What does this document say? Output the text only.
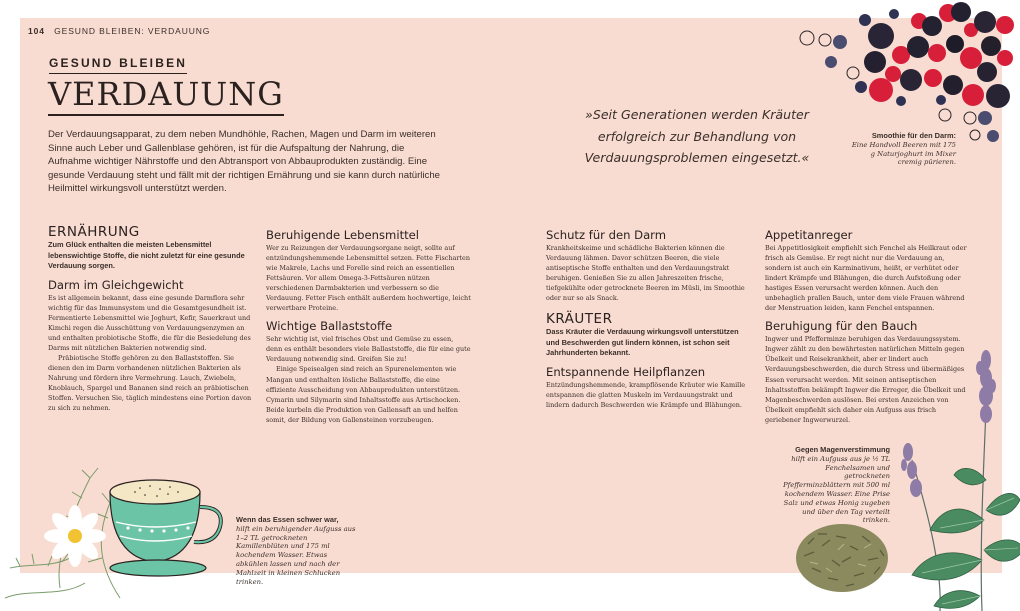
104 GESUND BLEIBEN: VERDAUUNG
GESUND BLEIBEN
VERDAUUNG
Der Verdauungsapparat, zu dem neben Mundhöhle, Rachen, Magen und Darm im weiteren Sinne auch Leber und Gallenblase gehören, ist für die Aufspaltung der Nahrung, die Aufnahme wichtiger Nährstoffe und den Abtransport von Abbauprodukten zuständig. Eine gesunde Verdauung steht und fällt mit der richtigen Ernährung und sie kann durch natürliche Heilmittel wirkungsvoll unterstützt werden.
»Seit Generationen werden Kräuter erfolgreich zur Behandlung von Verdauungsproblemen eingesetzt.«
Smoothie für den Darm:
Eine Handvoll Beeren mit 175 g Naturjoghurt im Mixer cremig pürieren.
ERNÄHRUNG
Zum Glück enthalten die meisten Lebensmittel lebenswichtige Stoffe, die nicht zuletzt für eine gesunde Verdauung sorgen.
Darm im Gleichgewicht

Es ist allgemein bekannt, dass eine gesunde Darmflora sehr wichtig für das Immunsystem und die Gesamtgesundheit ist. Fermentierte Lebensmittel wie Joghurt, Kefir, Sauerkraut und Kimchi regen die Ausschüttung von Verdauungsenzymen an und enthalten probiotische Stoffe, die für die Besiedelung des Darms mit nützlichen Bakterien notwendig sind.

Präbiotische Stoffe gehören zu den Ballaststoffen. Sie dienen den im Darm vorhandenen nützlichen Bakterien als Nahrung und fördern ihre Vermehrung. Lauch, Zwiebeln, Knoblauch, Spargel und Bananen sind reich an präbiotischen Stoffen. Versuchen Sie, täglich mindestens eine Portion davon zu sich zu nehmen.

Beruhigende Lebensmittel

Wer zu Reizungen der Verdauungsorgane neigt, sollte auf entzündungshemmende Lebensmittel setzen. Fette Fischarten wie Makrele, Lachs und Forelle sind reich an essentiellen Fettsäuren. Vor allem Omega-3-Fettsäuren nützen verschiedenen Darmbakterien und verbessern so die Verdauung. Fetter Fisch enthält außerdem hochwertige, leicht verwertbare Proteine.

Wichtige Ballaststoffe

Sehr wichtig ist, viel frisches Obst und Gemüse zu essen, denn es enthält besonders viele Ballaststoffe, die für eine gute Verdauung notwendig sind. Greifen Sie zu!

Einige Speisealgen sind reich an Spurenelementen wie Mangan und enthalten lösliche Ballaststoffe, die eine effiziente Ausscheidung von Abbauprodukten unterstützen. Cymarin und Silymarin sind Inhaltsstoffe aus Artischocken. Beide kurbeln die Produktion von Gallensaft an und helfen somit, der Bildung von Gallensteinen vorzubeugen.

Schutz für den Darm

Krankheitskeime und schädliche Bakterien können die Verdauung lähmen. Davor schützen Beeren, die viele antiseptische Stoffe enthalten und den Verdauungstrakt beruhigen. Genießen Sie zu allen Jahreszeiten frische, tiefgekühlte oder getrocknete Beeren im Müsli, im Smoothie oder nur so als Snack.

KRÄUTER
Dass Kräuter die Verdauung wirkungsvoll unterstützen und Beschwerden gut lindern können, ist schon seit Jahrhunderten bekannt.
Entspannende Heilpflanzen

Entzündungshemmende, krampflösende Kräuter wie Kamille entspannen die glatten Muskeln im Verdauungstrakt und lindern dadurch Beschwerden wie Krämpfe und Blähungen.

Appetitanreger

Bei Appetitlosigkeit empfiehlt sich Fenchel als Heilkraut oder frisch als Gemüse. Er regt nicht nur die Verdauung an, sondern ist auch ein Karminativum, heißt, er verhütet oder lindert Krämpfe und Blähungen, die durch Aufstoßung oder hastiges Essen verursacht werden können. Auch den unbehaglich prallen Bauch, unter dem viele Frauen während der Menstruation leiden, kann Fenchel entspannen.

Beruhigung für den Bauch

Ingwer und Pfefferminze beruhigen das Verdauungssystem. Ingwer zählt zu den bewährtesten natürlichen Mitteln gegen Übelkeit und Reisekrankheit, aber er lindert auch Verdauungsbeschwerden, die durch Stress und übermäßiges Essen verursacht werden. Mit seinen antiseptischen Inhaltsstoffen bekämpft Ingwer die Erreger, die Übelkeit und Magenbeschwerden auslösen. Bei ersten Anzeichen von Übelkeit empfiehlt sich daher ein Aufguss aus frisch geriebener Ingwerwurzel.

Wenn das Essen schwer war,
hilft ein beruhigender Aufguss aus 1–2 TL getrockneten Kamillenblüten und 175 ml kochendem Wasser. Etwas abkühlen lassen und nach der Mahlzeit in kleinen Schlucken trinken.
Gegen Magenverstimmung
hilft ein Aufguss aus je ½ TL Fenchelsamen und getrockneten Pfefferminzblättern mit 500 ml kochendem Wasser. Eine Prise Salz und etwas Honig zugeben und über den Tag verteilt trinken.
